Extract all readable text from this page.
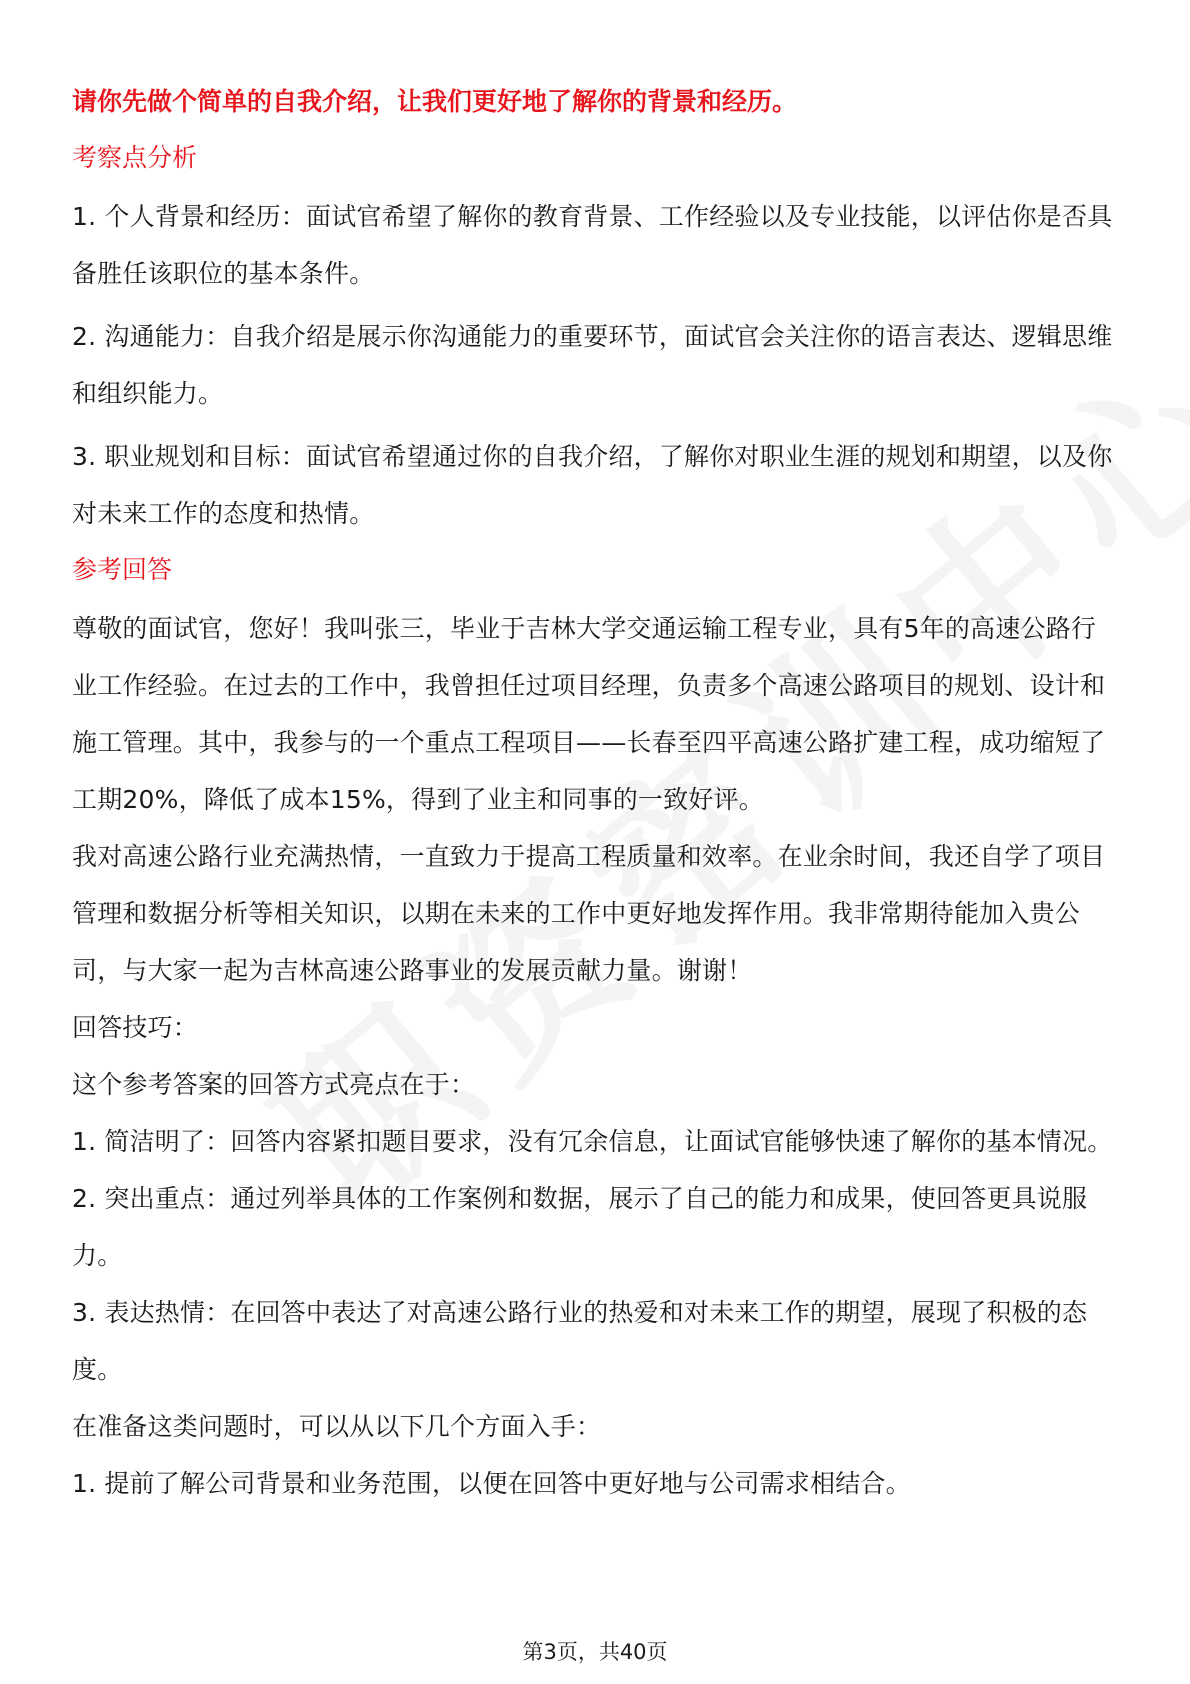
请你先做个简单的自我介绍，让我们更好地了解你的背景和经历。

考察点分析

1. 个人背景和经历：面试官希望了解你的教育背景、工作经验以及专业技能，以评估你是否具备胜任该职位的基本条件。

2. 沟通能力：自我介绍是展示你沟通能力的重要环节，面试官会关注你的语言表达、逻辑思维和组织能力。

3. 职业规划和目标：面试官希望通过你的自我介绍，了解你对职业生涯的规划和期望，以及你对未来工作的态度和热情。

参考回答

尊敬的面试官，您好！我叫张三，毕业于吉林大学交通运输工程专业，具有5年的高速公路行业工作经验。在过去的工作中，我曾担任过项目经理，负责多个高速公路项目的规划、设计和施工管理。其中，我参与的一个重点工程项目——长春至四平高速公路扩建工程，成功缩短了工期20%，降低了成本15%，得到了业主和同事的一致好评。

我对高速公路行业充满热情，一直致力于提高工程质量和效率。在业余时间，我还自学了项目管理和数据分析等相关知识，以期在未来的工作中更好地发挥作用。我非常期待能加入贵公司，与大家一起为吉林高速公路事业的发展贡献力量。谢谢！

回答技巧：

这个参考答案的回答方式亮点在于：

1. 简洁明了：回答内容紧扣题目要求，没有冗余信息，让面试官能够快速了解你的基本情况。

2. 突出重点：通过列举具体的工作案例和数据，展示了自己的能力和成果，使回答更具说服力。

3. 表达热情：在回答中表达了对高速公路行业的热爱和对未来工作的期望，展现了积极的态度。

在准备这类问题时，可以从以下几个方面入手：

1. 提前了解公司背景和业务范围，以便在回答中更好地与公司需求相结合。

第3页，共40页
